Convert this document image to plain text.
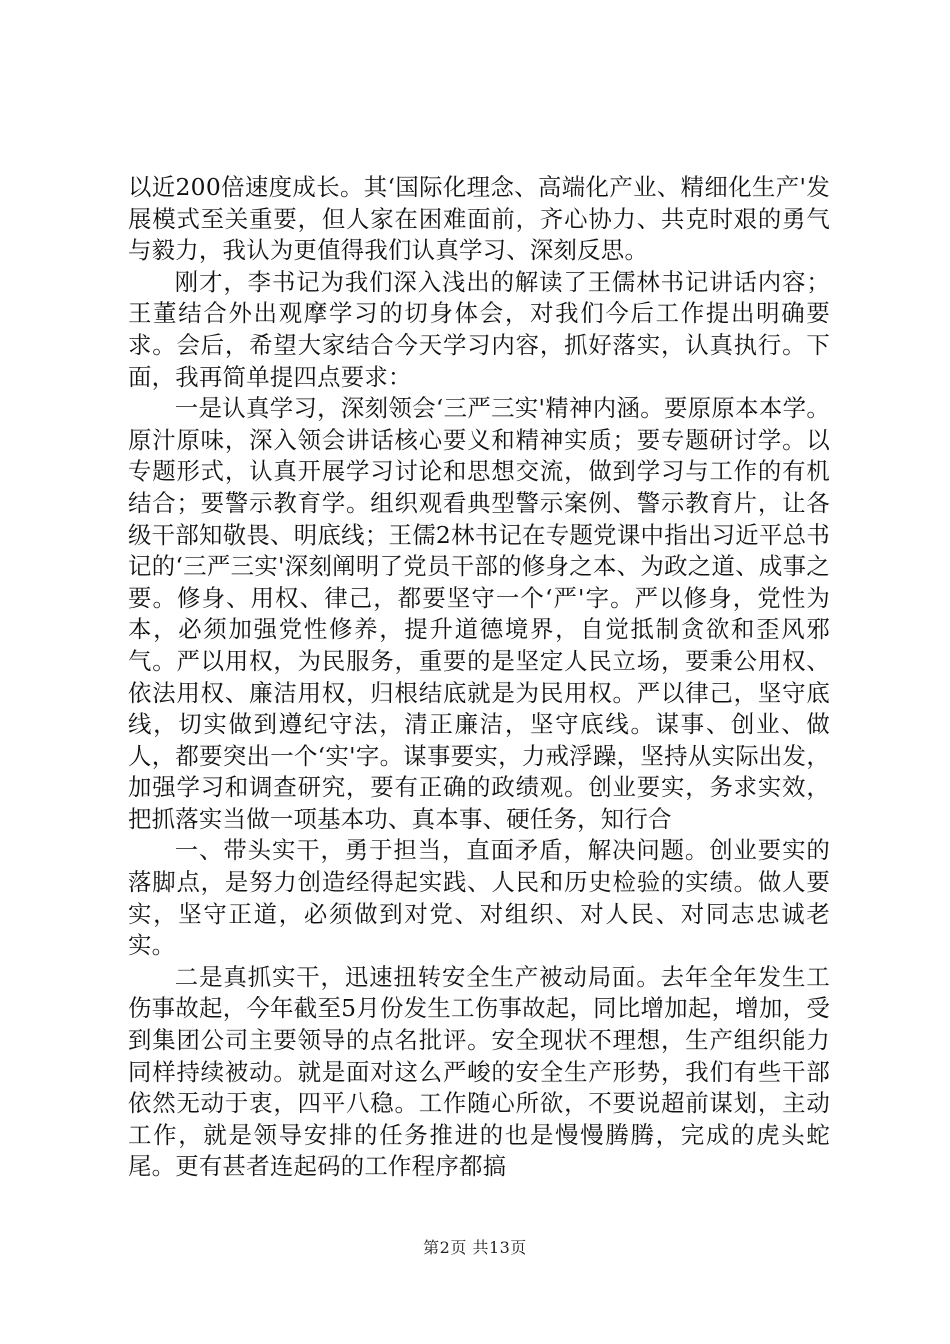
以近200倍速度成长。其‘国际化理念、高端化产业、精细化生产'发展模式至关重要，但人家在困难面前，齐心协力、共克时艰的勇气与毅力，我认为更值得我们认真学习、深刻反思。

刚才，李书记为我们深入浅出的解读了王儒林书记讲话内容；王董结合外出观摩学习的切身体会，对我们今后工作提出明确要求。会后，希望大家结合今天学习内容，抓好落实，认真执行。下面，我再简单提四点要求：

一是认真学习，深刻领会‘三严三实'精神内涵。要原原本本学。原汁原味，深入领会讲话核心要义和精神实质；要专题研讨学。以专题形式，认真开展学习讨论和思想交流，做到学习与工作的有机结合；要警示教育学。组织观看典型警示案例、警示教育片，让各级干部知敬畏、明底线；王儒2林书记在专题党课中指出习近平总书记的‘三严三实'深刻阐明了党员干部的修身之本、为政之道、成事之要。修身、用权、律己，都要坚守一个‘严'字。严以修身，党性为本，必须加强党性修养，提升道德境界，自觉抵制贪欲和歪风邪气。严以用权，为民服务，重要的是坚定人民立场，要秉公用权、依法用权、廉洁用权，归根结底就是为民用权。严以律己，坚守底线，切实做到遵纪守法，清正廉洁，坚守底线。谋事、创业、做人，都要突出一个‘实'字。谋事要实，力戒浮躁，坚持从实际出发，加强学习和调查研究，要有正确的政绩观。创业要实，务求实效，把抓落实当做一项基本功、真本事、硬任务，知行合

一、带头实干，勇于担当，直面矛盾，解决问题。创业要实的落脚点，是努力创造经得起实践、人民和历史检验的实绩。做人要实，坚守正道，必须做到对党、对组织、对人民、对同志忠诚老实。

二是真抓实干，迅速扭转安全生产被动局面。去年全年发生工伤事故起，今年截至5月份发生工伤事故起，同比增加起，增加，受到集团公司主要领导的点名批评。安全现状不理想，生产组织能力同样持续被动。就是面对这么严峻的安全生产形势，我们有些干部依然无动于衷，四平八稳。工作随心所欲，不要说超前谋划，主动工作，就是领导安排的任务推进的也是慢慢腾腾，完成的虎头蛇尾。更有甚者连起码的工作程序都搞

第2页 共13页
